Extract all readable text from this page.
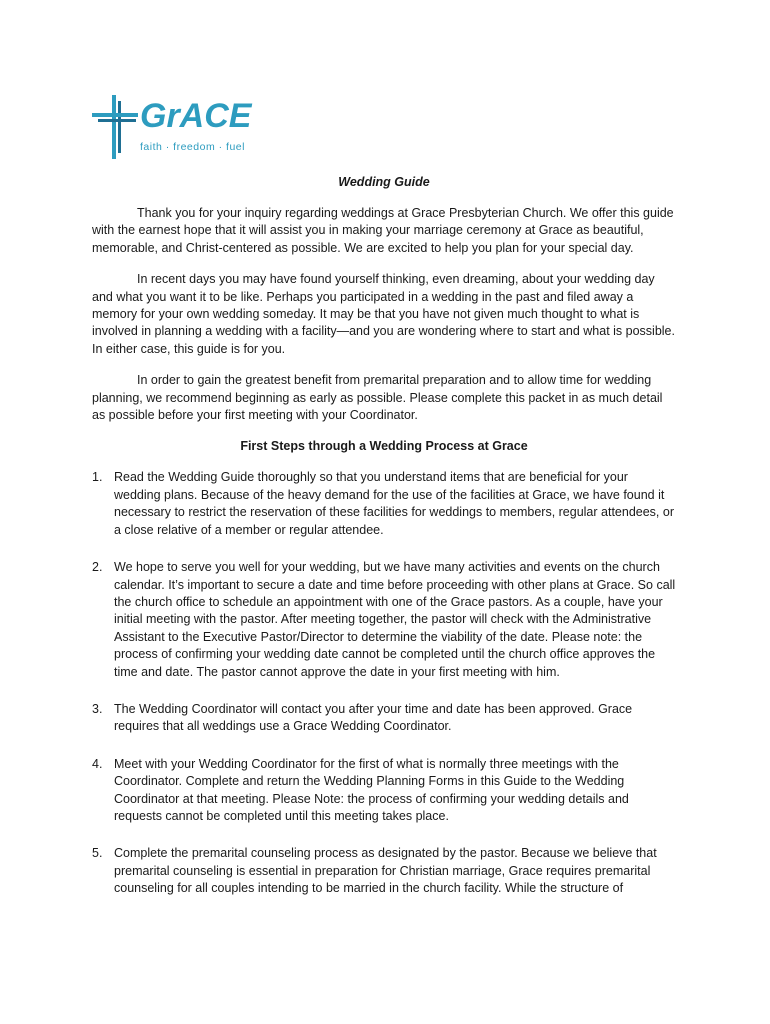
GrACE
faith · freedom · fuel
Wedding Guide

Thank you for your inquiry regarding weddings at Grace Presbyterian Church. We offer this guide with the earnest hope that it will assist you in making your marriage ceremony at Grace as beautiful, memorable, and Christ-centered as possible. We are excited to help you plan for your special day.

In recent days you may have found yourself thinking, even dreaming, about your wedding day and what you want it to be like. Perhaps you participated in a wedding in the past and filed away a memory for your own wedding someday. It may be that you have not given much thought to what is involved in planning a wedding with a facility—and you are wondering where to start and what is possible. In either case, this guide is for you.

In order to gain the greatest benefit from premarital preparation and to allow time for wedding planning, we recommend beginning as early as possible. Please complete this packet in as much detail as possible before your first meeting with your Coordinator.

First Steps through a Wedding Process at Grace
1. Read the Wedding Guide thoroughly so that you understand items that are beneficial for your wedding plans. Because of the heavy demand for the use of the facilities at Grace, we have found it necessary to restrict the reservation of these facilities for weddings to members, regular attendees, or a close relative of a member or regular attendee.
2. We hope to serve you well for your wedding, but we have many activities and events on the church calendar. It’s important to secure a date and time before proceeding with other plans at Grace. So call the church office to schedule an appointment with one of the Grace pastors. As a couple, have your initial meeting with the pastor. After meeting together, the pastor will check with the Administrative Assistant to the Executive Pastor/Director to determine the viability of the date. Please note: the process of confirming your wedding date cannot be completed until the church office approves the time and date. The pastor cannot approve the date in your first meeting with him.
3. The Wedding Coordinator will contact you after your time and date has been approved. Grace requires that all weddings use a Grace Wedding Coordinator.
4. Meet with your Wedding Coordinator for the first of what is normally three meetings with the Coordinator. Complete and return the Wedding Planning Forms in this Guide to the Wedding Coordinator at that meeting. Please Note: the process of confirming your wedding details and requests cannot be completed until this meeting takes place.
5. Complete the premarital counseling process as designated by the pastor. Because we believe that premarital counseling is essential in preparation for Christian marriage, Grace requires premarital counseling for all couples intending to be married in the church facility. While the structure of
